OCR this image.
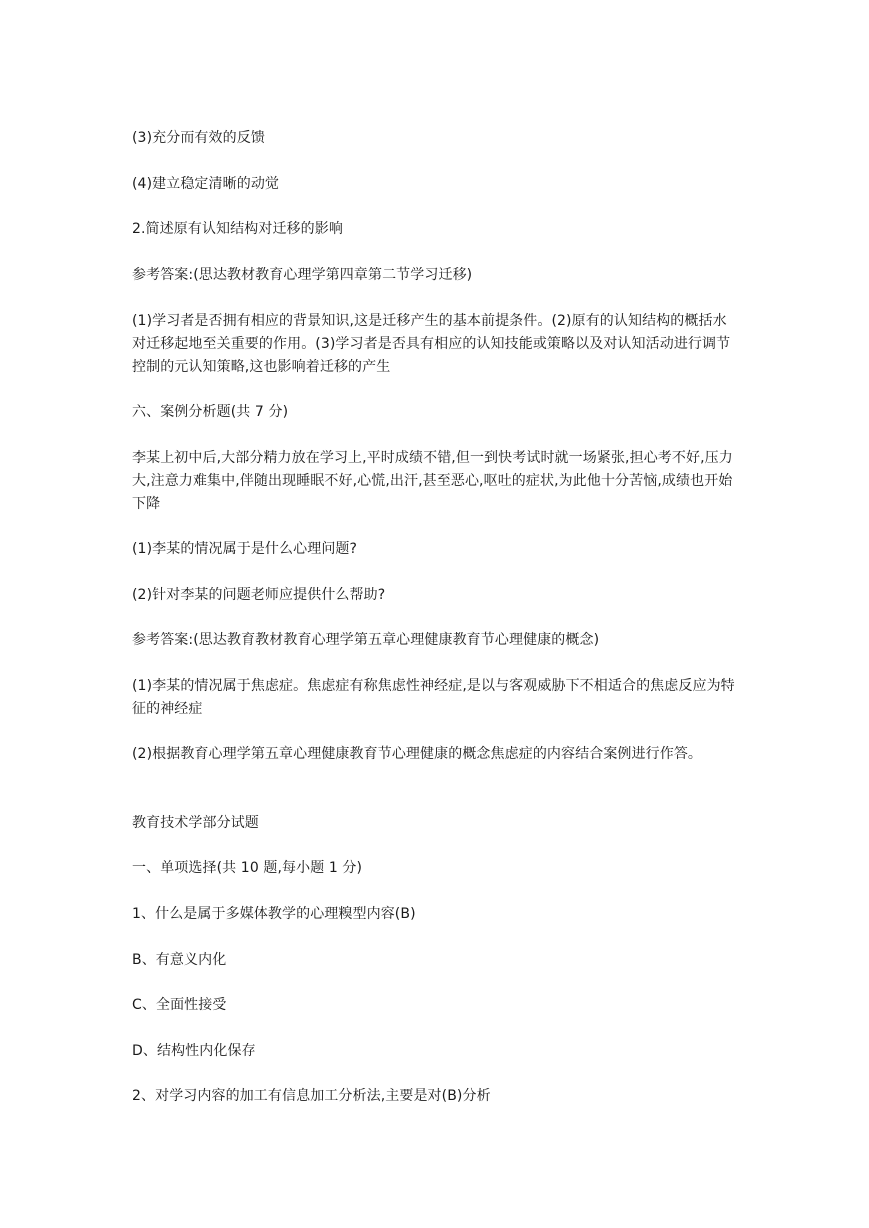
(3)充分而有效的反馈
(4)建立稳定清晰的动觉
2.简述原有认知结构对迁移的影响
参考答案:(思达教材教育心理学第四章第二节学习迁移)
(1)学习者是否拥有相应的背景知识,这是迁移产生的基本前提条件。(2)原有的认知结构的概括水对迁移起地至关重要的作用。(3)学习者是否具有相应的认知技能或策略以及对认知活动进行调节控制的元认知策略,这也影响着迁移的产生
六、案例分析题(共 7 分)
李某上初中后,大部分精力放在学习上,平时成绩不错,但一到快考试时就一场紧张,担心考不好,压力大,注意力难集中,伴随出现睡眠不好,心慌,出汗,甚至恶心,呕吐的症状,为此他十分苦恼,成绩也开始下降
(1)李某的情况属于是什么心理问题?
(2)针对李某的问题老师应提供什么帮助?
参考答案:(思达教育教材教育心理学第五章心理健康教育节心理健康的概念)
(1)李某的情况属于焦虑症。焦虑症有称焦虑性神经症,是以与客观威胁下不相适合的焦虑反应为特征的神经症
(2)根据教育心理学第五章心理健康教育节心理健康的概念焦虑症的内容结合案例进行作答。
教育技术学部分试题
一、单项选择(共 10 题,每小题 1 分)
1、什么是属于多媒体教学的心理糗型内容(B)
B、有意义内化
C、全面性接受
D、结构性内化保存
2、对学习内容的加工有信息加工分析法,主要是对(B)分析
